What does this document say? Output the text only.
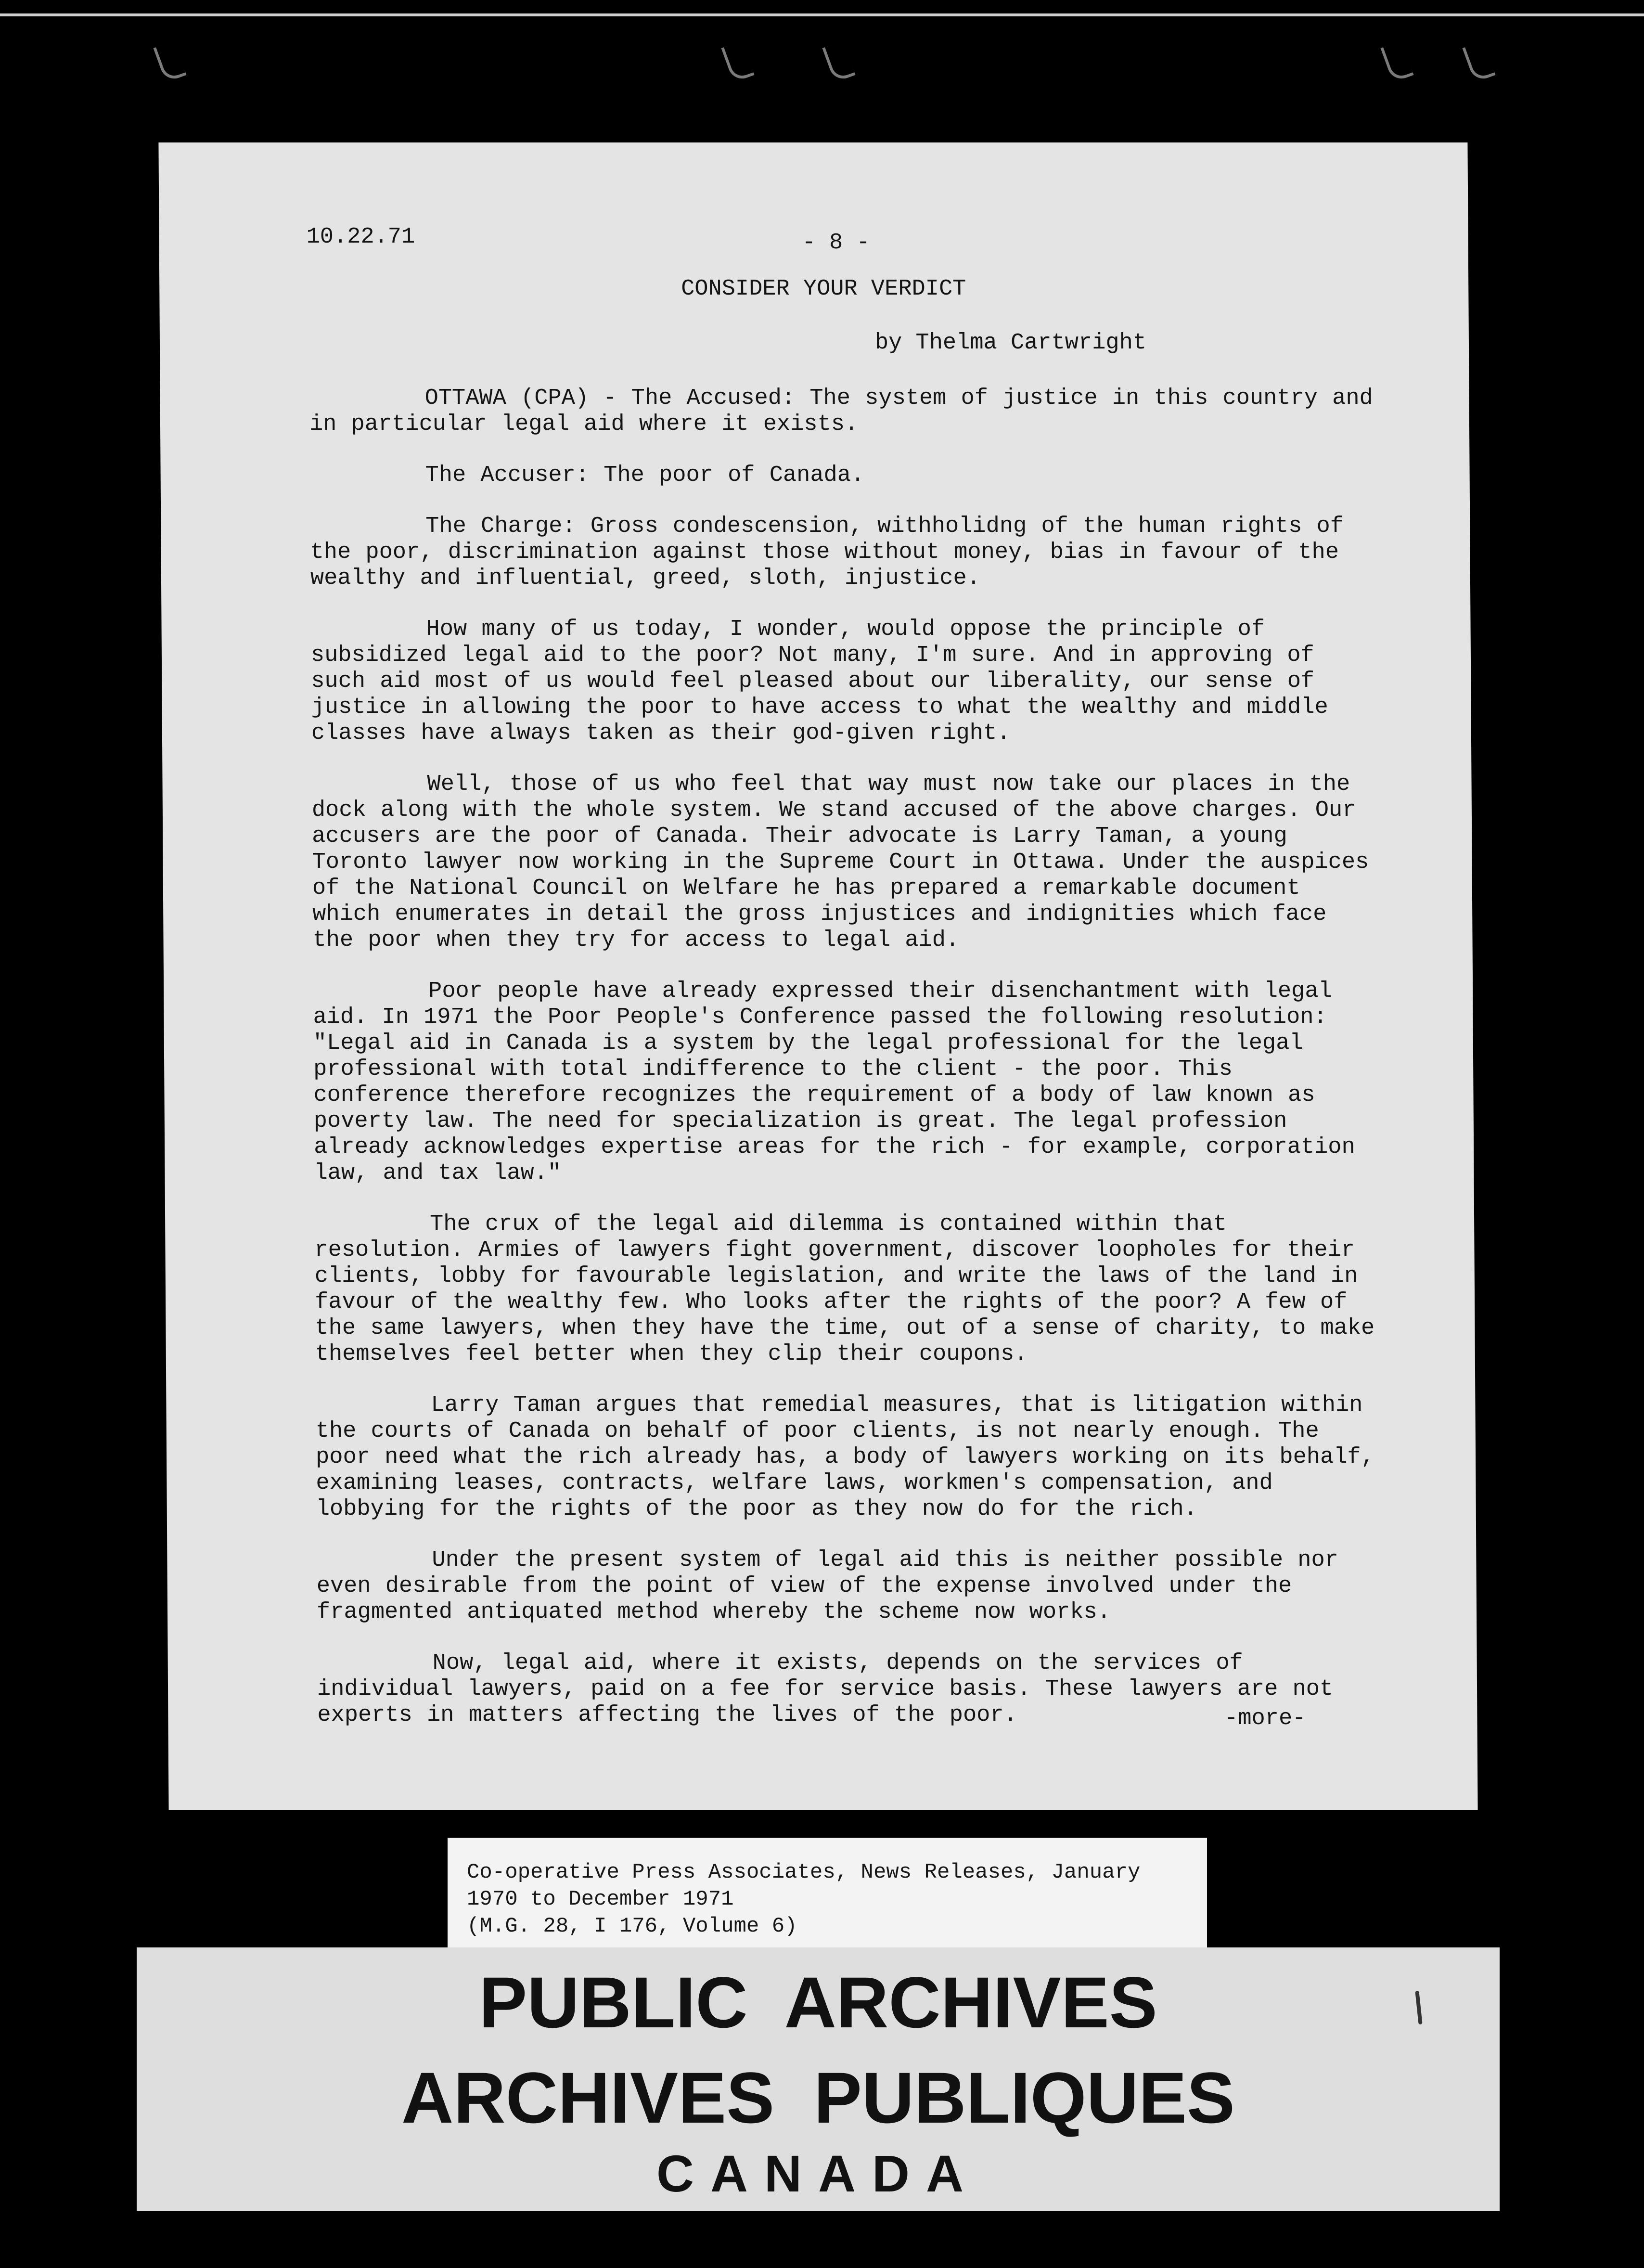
10.22.71	- 8 -
CONSIDER YOUR VERDICT
by Thelma Cartwright

OTTAWA (CPA) - The Accused: The system of justice in this country and in particular legal aid where it exists.

The Accuser: The poor of Canada.

The Charge: Gross condescension, withholidng of the human rights of the poor, discrimination against those without money, bias in favour of the wealthy and influential, greed, sloth, injustice.

How many of us today, I wonder, would oppose the principle of subsidized legal aid to the poor? Not many, I'm sure. And in approving of such aid most of us would feel pleased about our liberality, our sense of justice in allowing the poor to have access to what the wealthy and middle classes have always taken as their god-given right.

Well, those of us who feel that way must now take our places in the dock along with the whole system. We stand accused of the above charges. Our accusers are the poor of Canada. Their advocate is Larry Taman, a young Toronto lawyer now working in the Supreme Court in Ottawa. Under the auspices of the National Council on Welfare he has prepared a remarkable document which enumerates in detail the gross injustices and indignities which face the poor when they try for access to legal aid.

Poor people have already expressed their disenchantment with legal aid. In 1971 the Poor People's Conference passed the following resolution: "Legal aid in Canada is a system by the legal professional for the legal professional with total indifference to the client - the poor. This conference therefore recognizes the requirement of a body of law known as poverty law. The need for specialization is great. The legal profession already acknowledges expertise areas for the rich - for example, corporation law, and tax law."

The crux of the legal aid dilemma is contained within that resolution. Armies of lawyers fight government, discover loopholes for their clients, lobby for favourable legislation, and write the laws of the land in favour of the wealthy few. Who looks after the rights of the poor? A few of the same lawyers, when they have the time, out of a sense of charity, to make themselves feel better when they clip their coupons.

Larry Taman argues that remedial measures, that is litigation within the courts of Canada on behalf of poor clients, is not nearly enough. The poor need what the rich already has, a body of lawyers working on its behalf, examining leases, contracts, welfare laws, workmen's compensation, and lobbying for the rights of the poor as they now do for the rich.

Under the present system of legal aid this is neither possible nor even desirable from the point of view of the expense involved under the fragmented antiquated method whereby the scheme now works.

Now, legal aid, where it exists, depends on the services of individual lawyers, paid on a fee for service basis. These lawyers are not experts in matters affecting the lives of the poor.	-more-
Co-operative Press Associates, News Releases, January
1970 to December 1971
(M.G. 28, I 176, Volume 6)
PUBLIC ARCHIVES
ARCHIVES PUBLIQUES
CANADA
